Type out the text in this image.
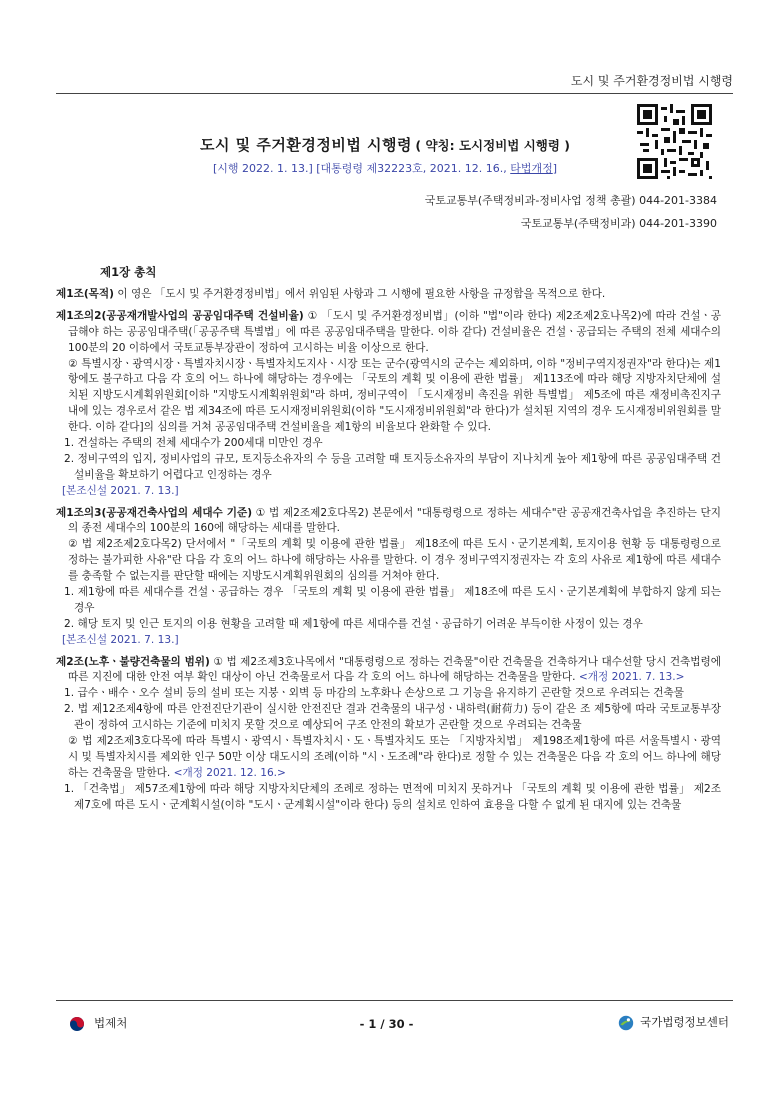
도시 및 주거환경정비법 시행령
도시 및 주거환경정비법 시행령 ( 약칭: 도시정비법 시행령 )
[시행 2022. 1. 13.] [대통령령 제32223호, 2021. 12. 16., 타법개정]
국토교통부(주택정비과-정비사업 정책 총괄) 044-201-3384
국토교통부(주택정비과) 044-201-3390
제1장 총칙
제1조(목적) 이 영은 「도시 및 주거환경정비법」에서 위임된 사항과 그 시행에 필요한 사항을 규정함을 목적으로 한다.
제1조의2(공공재개발사업의 공공임대주택 건설비율) ① 「도시 및 주거환경정비법」(이하 "법"이라 한다) 제2조제2호나목2)에 따라 건설ㆍ공급해야 하는 공공임대주택(「공공주택 특별법」에 따른 공공임대주택을 말한다. 이하 같다) 건설비율은 건설ㆍ공급되는 주택의 전체 세대수의 100분의 20 이하에서 국토교통부장관이 정하여 고시하는 비율 이상으로 한다.
② 특별시장ㆍ광역시장ㆍ특별자치시장ㆍ특별자치도지사ㆍ시장 또는 군수(광역시의 군수는 제외하며, 이하 "정비구역지정권자"라 한다)는 제1항에도 불구하고 다음 각 호의 어느 하나에 해당하는 경우에는 「국토의 계획 및 이용에 관한 법률」 제113조에 따라 해당 지방자치단체에 설치된 지방도시계획위원회[이하 "지방도시계획위원회"라 하며, 정비구역이 「도시재정비 촉진을 위한 특별법」 제5조에 따른 재정비촉진지구 내에 있는 경우로서 같은 법 제34조에 따른 도시재정비위원회(이하 "도시재정비위원회"라 한다)가 설치된 지역의 경우 도시재정비위원회를 말한다. 이하 같다]의 심의를 거쳐 공공임대주택 건설비율을 제1항의 비율보다 완화할 수 있다.
1. 건설하는 주택의 전체 세대수가 200세대 미만인 경우
2. 정비구역의 입지, 정비사업의 규모, 토지등소유자의 수 등을 고려할 때 토지등소유자의 부담이 지나치게 높아 제1항에 따른 공공임대주택 건설비율을 확보하기 어렵다고 인정하는 경우
[본조신설 2021. 7. 13.]
제1조의3(공공재건축사업의 세대수 기준) ① 법 제2조제2호다목2) 본문에서 "대통령령으로 정하는 세대수"란 공공재건축사업을 추진하는 단지의 종전 세대수의 100분의 160에 해당하는 세대를 말한다.
② 법 제2조제2호다목2) 단서에서 "「국토의 계획 및 이용에 관한 법률」 제18조에 따른 도시ㆍ군기본계획, 토지이용 현황 등 대통령령으로 정하는 불가피한 사유"란 다음 각 호의 어느 하나에 해당하는 사유를 말한다. 이 경우 정비구역지정권자는 각 호의 사유로 제1항에 따른 세대수를 충족할 수 없는지를 판단할 때에는 지방도시계획위원회의 심의를 거쳐야 한다.
1. 제1항에 따른 세대수를 건설ㆍ공급하는 경우 「국토의 계획 및 이용에 관한 법률」 제18조에 따른 도시ㆍ군기본계획에 부합하지 않게 되는 경우
2. 해당 토지 및 인근 토지의 이용 현황을 고려할 때 제1항에 따른 세대수를 건설ㆍ공급하기 어려운 부득이한 사정이 있는 경우
[본조신설 2021. 7. 13.]
제2조(노후ㆍ불량건축물의 범위) ① 법 제2조제3호나목에서 "대통령령으로 정하는 건축물"이란 건축물을 건축하거나 대수선할 당시 건축법령에 따른 지진에 대한 안전 여부 확인 대상이 아닌 건축물로서 다음 각 호의 어느 하나에 해당하는 건축물을 말한다. <개정 2021. 7. 13.>
1. 급수ㆍ배수ㆍ오수 설비 등의 설비 또는 지붕ㆍ외벽 등 마감의 노후화나 손상으로 그 기능을 유지하기 곤란할 것으로 우려되는 건축물
2. 법 제12조제4항에 따른 안전진단기관이 실시한 안전진단 결과 건축물의 내구성ㆍ내하력(耐荷力) 등이 같은 조 제5항에 따라 국토교통부장관이 정하여 고시하는 기준에 미치지 못할 것으로 예상되어 구조 안전의 확보가 곤란할 것으로 우려되는 건축물
② 법 제2조제3호다목에 따라 특별시ㆍ광역시ㆍ특별자치시ㆍ도ㆍ특별자치도 또는 「지방자치법」 제198조제1항에 따른 서울특별시ㆍ광역시 및 특별자치시를 제외한 인구 50만 이상 대도시의 조례(이하 "시ㆍ도조례"라 한다)로 정할 수 있는 건축물은 다음 각 호의 어느 하나에 해당하는 건축물을 말한다. <개정 2021. 12. 16.>
1. 「건축법」 제57조제1항에 따라 해당 지방자치단체의 조례로 정하는 면적에 미치지 못하거나 「국토의 계획 및 이용에 관한 법률」 제2조제7호에 따른 도시ㆍ군계획시설(이하 "도시ㆍ군계획시설"이라 한다) 등의 설치로 인하여 효용을 다할 수 없게 된 대지에 있는 건축물
법제처	- 1 / 30 -	국가법령정보센터
